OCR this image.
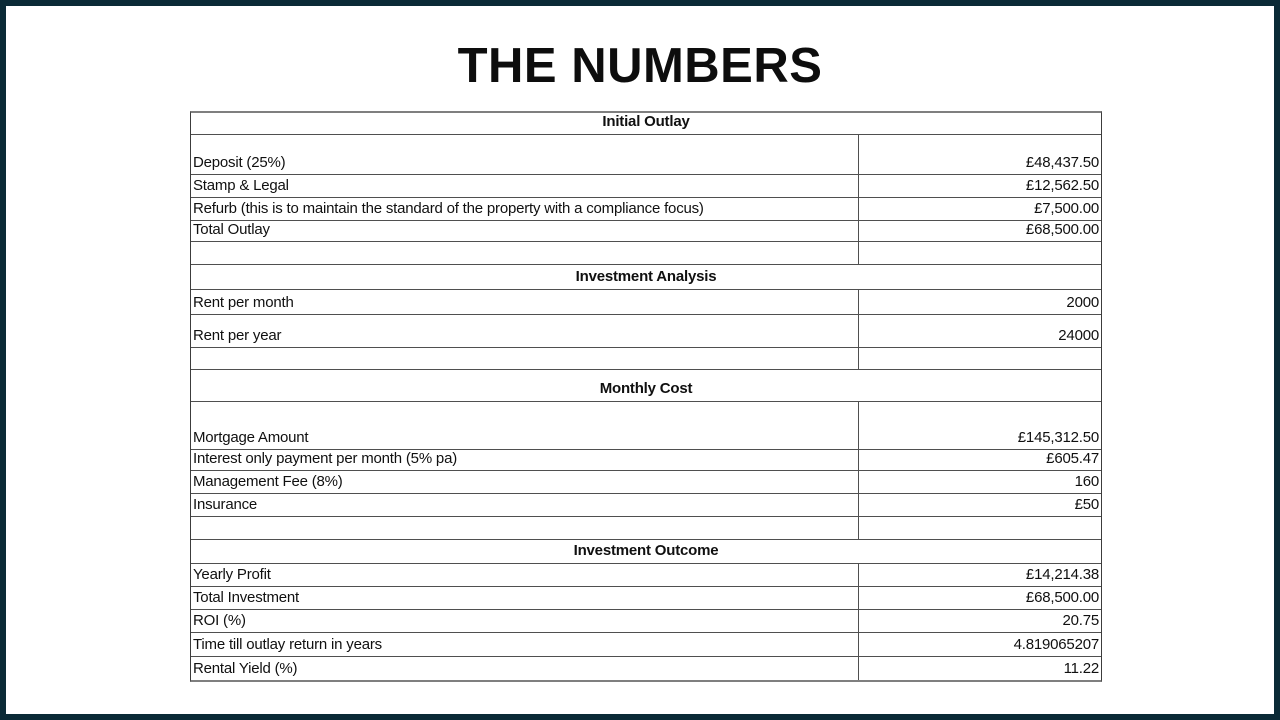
THE NUMBERS
Initial Outlay
Deposit (25%)	£48,437.50
Stamp & Legal	£12,562.50
Refurb (this is to maintain the standard of the property with a compliance focus)	£7,500.00
Total Outlay	£68,500.00
Investment Analysis
Rent per month	2000
Rent per year	24000
Monthly Cost
Mortgage Amount	£145,312.50
Interest only payment per month (5% pa)	£605.47
Management Fee (8%)	160
Insurance	£50
Investment Outcome
Yearly Profit	£14,214.38
Total Investment	£68,500.00
ROI (%)	20.75
Time till outlay return in years	4.819065207
Rental Yield (%)	11.22
